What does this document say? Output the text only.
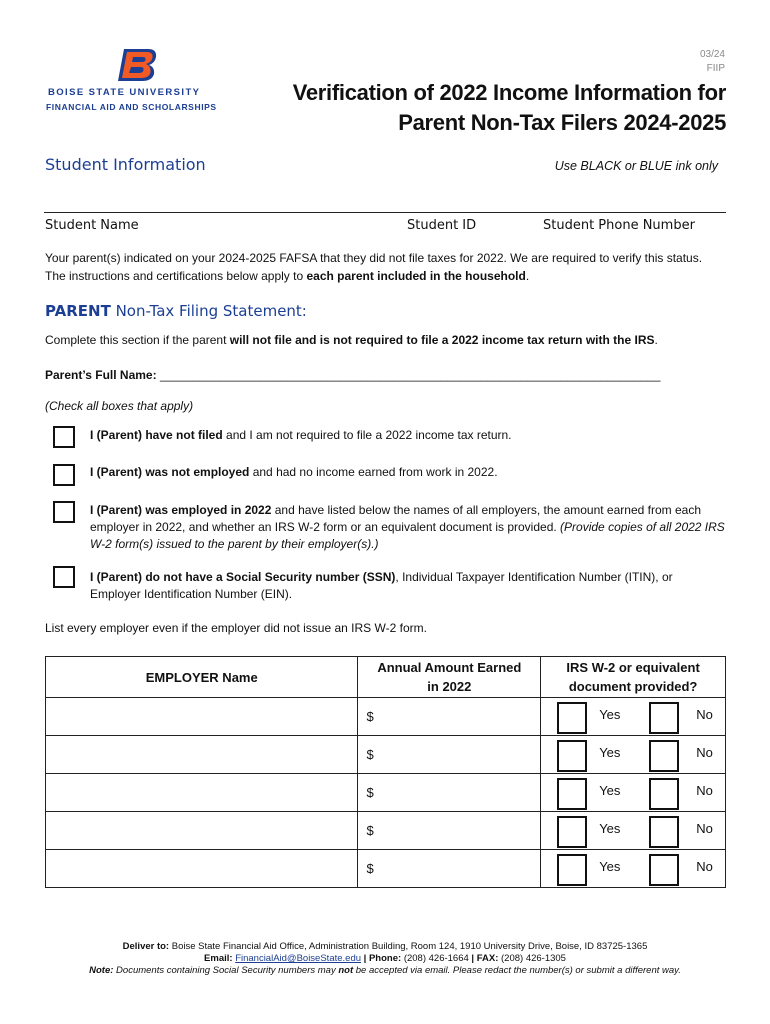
BOISE STATE UNIVERSITY
FINANCIAL AID AND SCHOLARSHIPS
03/24
FIIP
Verification of 2022 Income Information for
Parent Non-Tax Filers 2024-2025
Student Information	Use BLACK or BLUE ink only
Student Name	Student ID	Student Phone Number
Your parent(s) indicated on your 2024-2025 FAFSA that they did not file taxes for 2022. We are required to verify this status. The instructions and certifications below apply to each parent included in the household.
PARENT Non-Tax Filing Statement:
Complete this section if the parent will not file and is not required to file a 2022 income tax return with the IRS.
Parent’s Full Name: ___________________________________________________________________________
(Check all boxes that apply)
I (Parent) have not filed and I am not required to file a 2022 income tax return.
I (Parent) was not employed and had no income earned from work in 2022.
I (Parent) was employed in 2022 and have listed below the names of all employers, the amount earned from each employer in 2022, and whether an IRS W-2 form or an equivalent document is provided. (Provide copies of all 2022 IRS W-2 form(s) issued to the parent by their employer(s).)
I (Parent) do not have a Social Security number (SSN), Individual Taxpayer Identification Number (ITIN), or Employer Identification Number (EIN).
List every employer even if the employer did not issue an IRS W-2 form.
EMPLOYER Name	Annual Amount Earned in 2022	IRS W-2 or equivalent document provided?
	$	Yes No

	$	Yes No

	$	Yes No

	$	Yes No

	$	Yes No
Deliver to: Boise State Financial Aid Office, Administration Building, Room 124, 1910 University Drive, Boise, ID 83725-1365
Email: FinancialAid@BoiseState.edu | Phone: (208) 426-1664 | FAX: (208) 426-1305
Note: Documents containing Social Security numbers may not be accepted via email. Please redact the number(s) or submit a different way.
